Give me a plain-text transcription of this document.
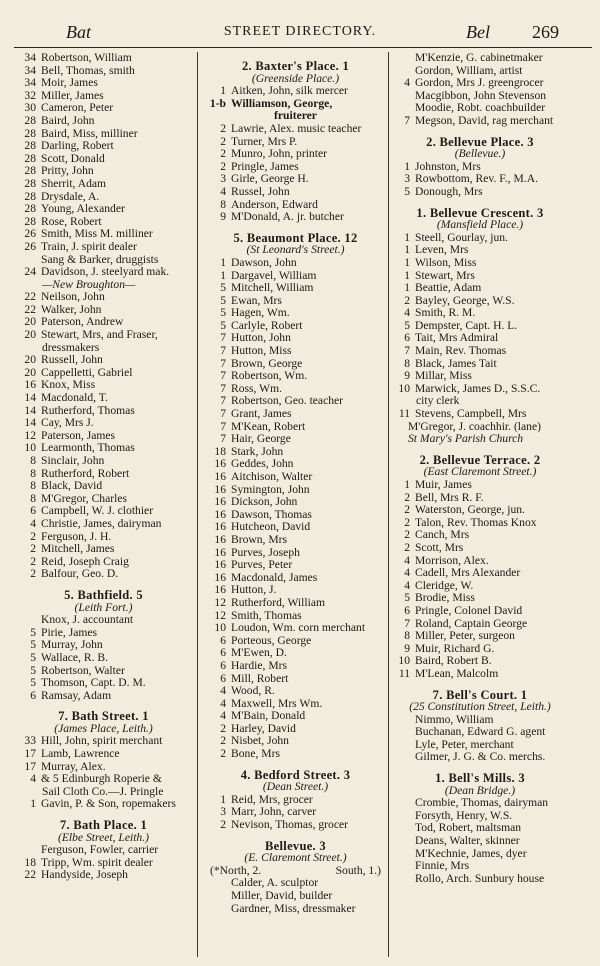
Bat	STREET DIRECTORY.	Bel 269
34 Robertson, William
34 Bell, Thomas, smith
34 Moir, James
32 Miller, James
30 Cameron, Peter
28 Baird, John
28 Baird, Miss, milliner
28 Darling, Robert
28 Scott, Donald
28 Pritty, John
28 Sherrit, Adam
28 Drysdale, A.
28 Young, Alexander
28 Rose, Robert
26 Smith, Miss M. milliner
26 Train, J. spirit dealer
Sang & Barker, druggists
24 Davidson, J. steelyard mak.
—New Broughton—
22 Neilson, John
22 Walker, John
20 Paterson, Andrew
20 Stewart, Mrs, and Fraser,
dressmakers
20 Russell, John
20 Cappelletti, Gabriel
16 Knox, Miss
14 Macdonald, T.
14 Rutherford, Thomas
14 Cay, Mrs J.
12 Paterson, James
10 Learmonth, Thomas
8 Sinclair, John
8 Rutherford, Robert
8 Black, David
8 M'Gregor, Charles
6 Campbell, W. J. clothier
4 Christie, James, dairyman
2 Ferguson, J. H.
2 Mitchell, James
2 Reid, Joseph Craig
2 Balfour, Geo. D.
5. Bathfield. 5
(Leith Fort.)
Knox, J. accountant
5 Pirie, James
5 Murray, John
5 Wallace, R. B.
5 Robertson, Walter
5 Thomson, Capt. D. M.
6 Ramsay, Adam
7. Bath Street. 1
(James Place, Leith.)
33 Hill, John, spirit merchant
17 Lamb, Lawrence
17 Murray, Alex.
4 & 5 Edinburgh Roperie &
Sail Cloth Co.—J. Pringle
1 Gavin, P. & Son, ropemakers
7. Bath Place. 1
(Elbe Street, Leith.)
Ferguson, Fowler, carrier
18 Tripp, Wm. spirit dealer
22 Handyside, Joseph
2. Baxter's Place. 1
(Greenside Place.)
1 Aitken, John, silk mercer
1-b Williamson, George,
fruiterer
2 Lawrie, Alex. music teacher
2 Turner, Mrs P.
2 Munro, John, printer
2 Pringle, James
3 Girle, George H.
4 Russel, John
8 Anderson, Edward
9 M'Donald, A. jr. butcher
5. Beaumont Place. 12
(St Leonard's Street.)
1 Dawson, John
1 Dargavel, William
5 Mitchell, William
5 Ewan, Mrs
5 Hagen, Wm.
5 Carlyle, Robert
7 Hutton, John
7 Hutton, Miss
7 Brown, George
7 Robertson, Wm.
7 Ross, Wm.
7 Robertson, Geo. teacher
7 Grant, James
7 M'Kean, Robert
7 Hair, George
18 Stark, John
16 Geddes, John
16 Aitchison, Walter
16 Symington, John
16 Dickson, John
16 Dawson, Thomas
16 Hutcheon, David
16 Brown, Mrs
16 Purves, Joseph
16 Purves, Peter
16 Macdonald, James
16 Hutton, J.
12 Rutherford, William
12 Smith, Thomas
10 Loudon, Wm. corn merchant
6 Porteous, George
6 M'Ewen, D.
6 Hardie, Mrs
6 Mill, Robert
4 Wood, R.
4 Maxwell, Mrs Wm.
4 M'Bain, Donald
2 Harley, David
2 Nisbet, John
2 Bone, Mrs
4. Bedford Street. 3
(Dean Street.)
1 Reid, Mrs, grocer
3 Marr, John, carver
2 Nevison, Thomas, grocer
Bellevue. 3
(E. Claremont Street.)
(*North, 2.	South, 1.)
Calder, A. sculptor
Miller, David, builder
Gardner, Miss, dressmaker
M'Kenzie, G. cabinetmaker
Gordon, William, artist
4 Gordon, Mrs J. greengrocer
Macgibbon, John Stevenson
Moodie, Robt. coachbuilder
7 Megson, David, rag merchant
2. Bellevue Place. 3
(Bellevue.)
1 Johnston, Mrs
3 Rowbottom, Rev. F., M.A.
5 Donough, Mrs
1. Bellevue Crescent. 3
(Mansfield Place.)
1 Steell, Gourlay, jun.
1 Leven, Mrs
1 Wilson, Miss
1 Stewart, Mrs
1 Beattie, Adam
2 Bayley, George, W.S.
4 Smith, R. M.
5 Dempster, Capt. H. L.
6 Tait, Mrs Admiral
7 Main, Rev. Thomas
8 Black, James Tait
9 Millar, Miss
10 Marwick, James D., S.S.C.
city clerk
11 Stevens, Campbell, Mrs
M'Gregor, J. coachhir. (lane)
St Mary's Parish Church
2. Bellevue Terrace. 2
(East Claremont Street.)
1 Muir, James
2 Bell, Mrs R. F.
2 Waterston, George, jun.
2 Talon, Rev. Thomas Knox
2 Canch, Mrs
2 Scott, Mrs
4 Morrison, Alex.
4 Cadell, Mrs Alexander
4 Cleridge, W.
5 Brodie, Miss
6 Pringle, Colonel David
7 Roland, Captain George
8 Miller, Peter, surgeon
9 Muir, Richard G.
10 Baird, Robert B.
11 M'Lean, Malcolm
7. Bell's Court. 1
(25 Constitution Street, Leith.)
Nimmo, William
Buchanan, Edward G. agent
Lyle, Peter, merchant
Gilmer, J. G. & Co. merchs.
1. Bell's Mills. 3
(Dean Bridge.)
Crombie, Thomas, dairyman
Forsyth, Henry, W.S.
Tod, Robert, maltsman
Deans, Walter, skinner
M'Kechnie, James, dyer
Finnie, Mrs
Rollo, Arch. Sunbury house
